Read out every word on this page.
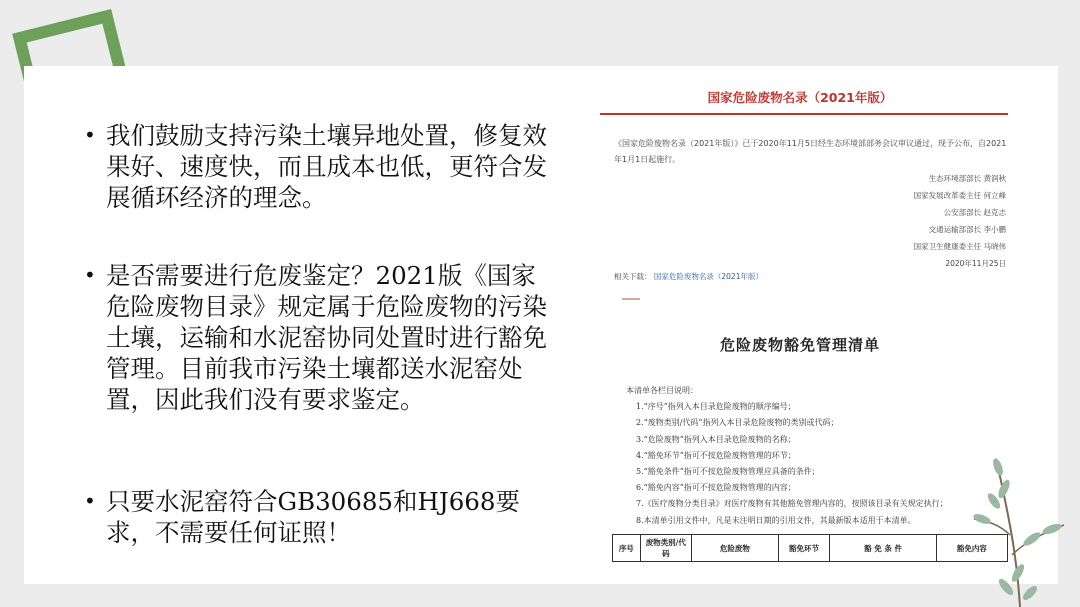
• 我们鼓励支持污染土壤异地处置，修复效果好、速度快，而且成本也低，更符合发展循环经济的理念。
• 是否需要进行危废鉴定？2021版《国家危险废物目录》规定属于危险废物的污染土壤，运输和水泥窑协同处置时进行豁免管理。目前我市污染土壤都送水泥窑处置，因此我们没有要求鉴定。
• 只要水泥窑符合GB30685和HJ668要求，不需要任何证照！
国家危险废物名录（2021年版）
《国家危险废物名录（2021年版）》已于2020年11月5日经生态环境部部务会议审议通过，现予公布，自2021年1月1日起施行。
生态环境部部长 黄润秋
国家发展改革委主任 何立峰
公安部部长 赵克志
交通运输部部长 李小鹏
国家卫生健康委主任 马晓伟
2020年11月25日
相关下载： 国家危险废物名录（2021年版）
危险废物豁免管理清单
本清单各栏目说明：
1.“序号”指列入本目录危险废物的顺序编号；
2.“废物类别/代码”指列入本目录危险废物的类别或代码；
3.“危险废物”指列入本目录危险废物的名称；
4.“豁免环节”指可不按危险废物管理的环节；
5.“豁免条件”指可不按危险废物管理应具备的条件；
6.“豁免内容”指可不按危险废物管理的内容；
7.《医疗废物分类目录》对医疗废物有其他豁免管理内容的，按照该目录有关规定执行；
8.本清单引用文件中，凡是未注明日期的引用文件，其最新版本适用于本清单。
序号	废物类别/代码	危险废物	豁免环节	豁 免 条 件	豁免内容
